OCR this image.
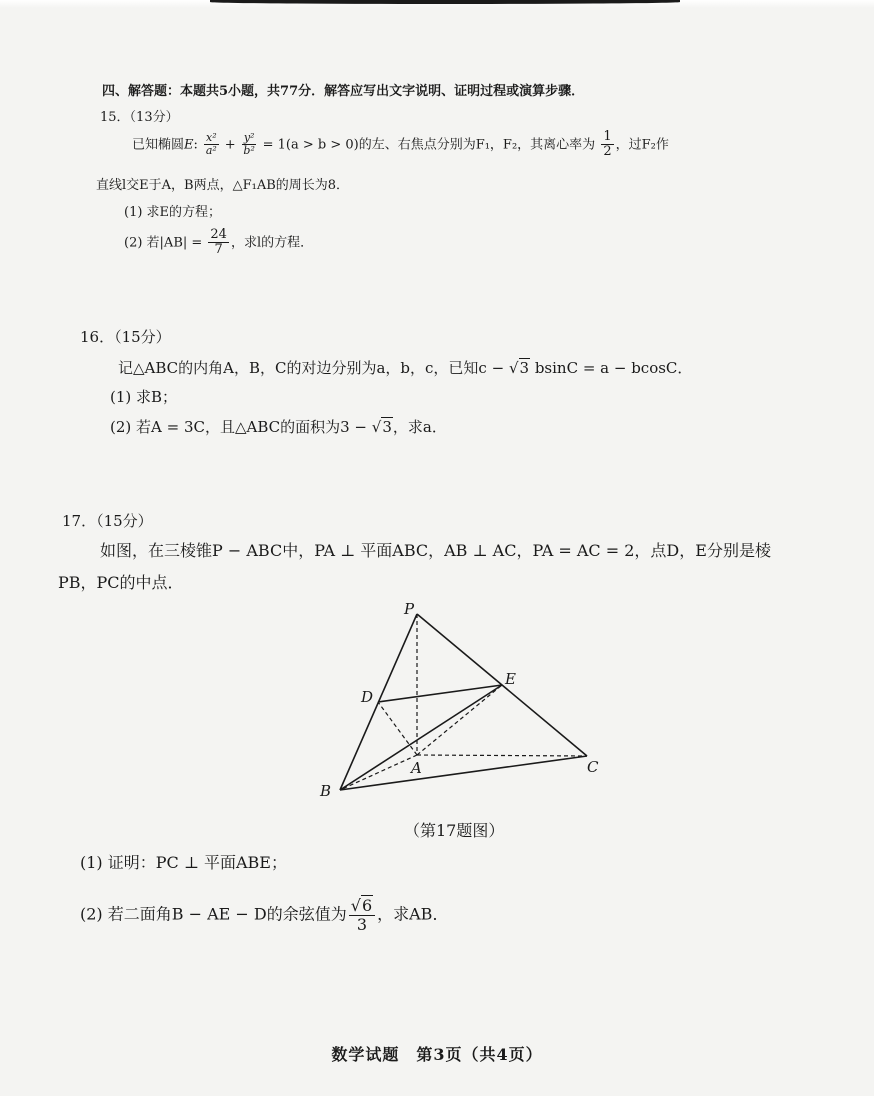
四、解答题：本题共5小题，共77分．解答应写出文字说明、证明过程或演算步骤．
15．（13分）
已知椭圆E: $\frac{\text{x²}}{\text{a²}} + \frac{\text{y²}}{\text{b²}} = 1(a > b > 0)$的左、右焦点分别为F₁，F₂，其离心率为 $\frac{1}{2}$ ，过F₂作
直线l交E于A，B两点，△F₁AB的周长为8．
(1) 求E的方程；
(2) 若$|AB| = \frac{24}{7}$ ，求l的方程．
16．（15分）
记△ABC的内角A，B，C的对边分别为a，b，c，已知c − √3 bsinC = a − bcosC．
(1) 求B；
(2) 若A = 3C，且△ABC的面积为3 − √3，求a．
17．（15分）
如图，在三棱锥P − ABC中，PA ⊥ 平面ABC，AB ⊥ AC，PA = AC = 2，点D，E分别是棱
PB，PC的中点．
P
D
E
A
B
C
（第17题图）
(1) 证明：PC ⊥ 平面ABE；
(2) 若二面角B − AE − D的余弦值为 $\frac{√6}{3}$ ，求AB．
数学试题　第3页（共4页）
